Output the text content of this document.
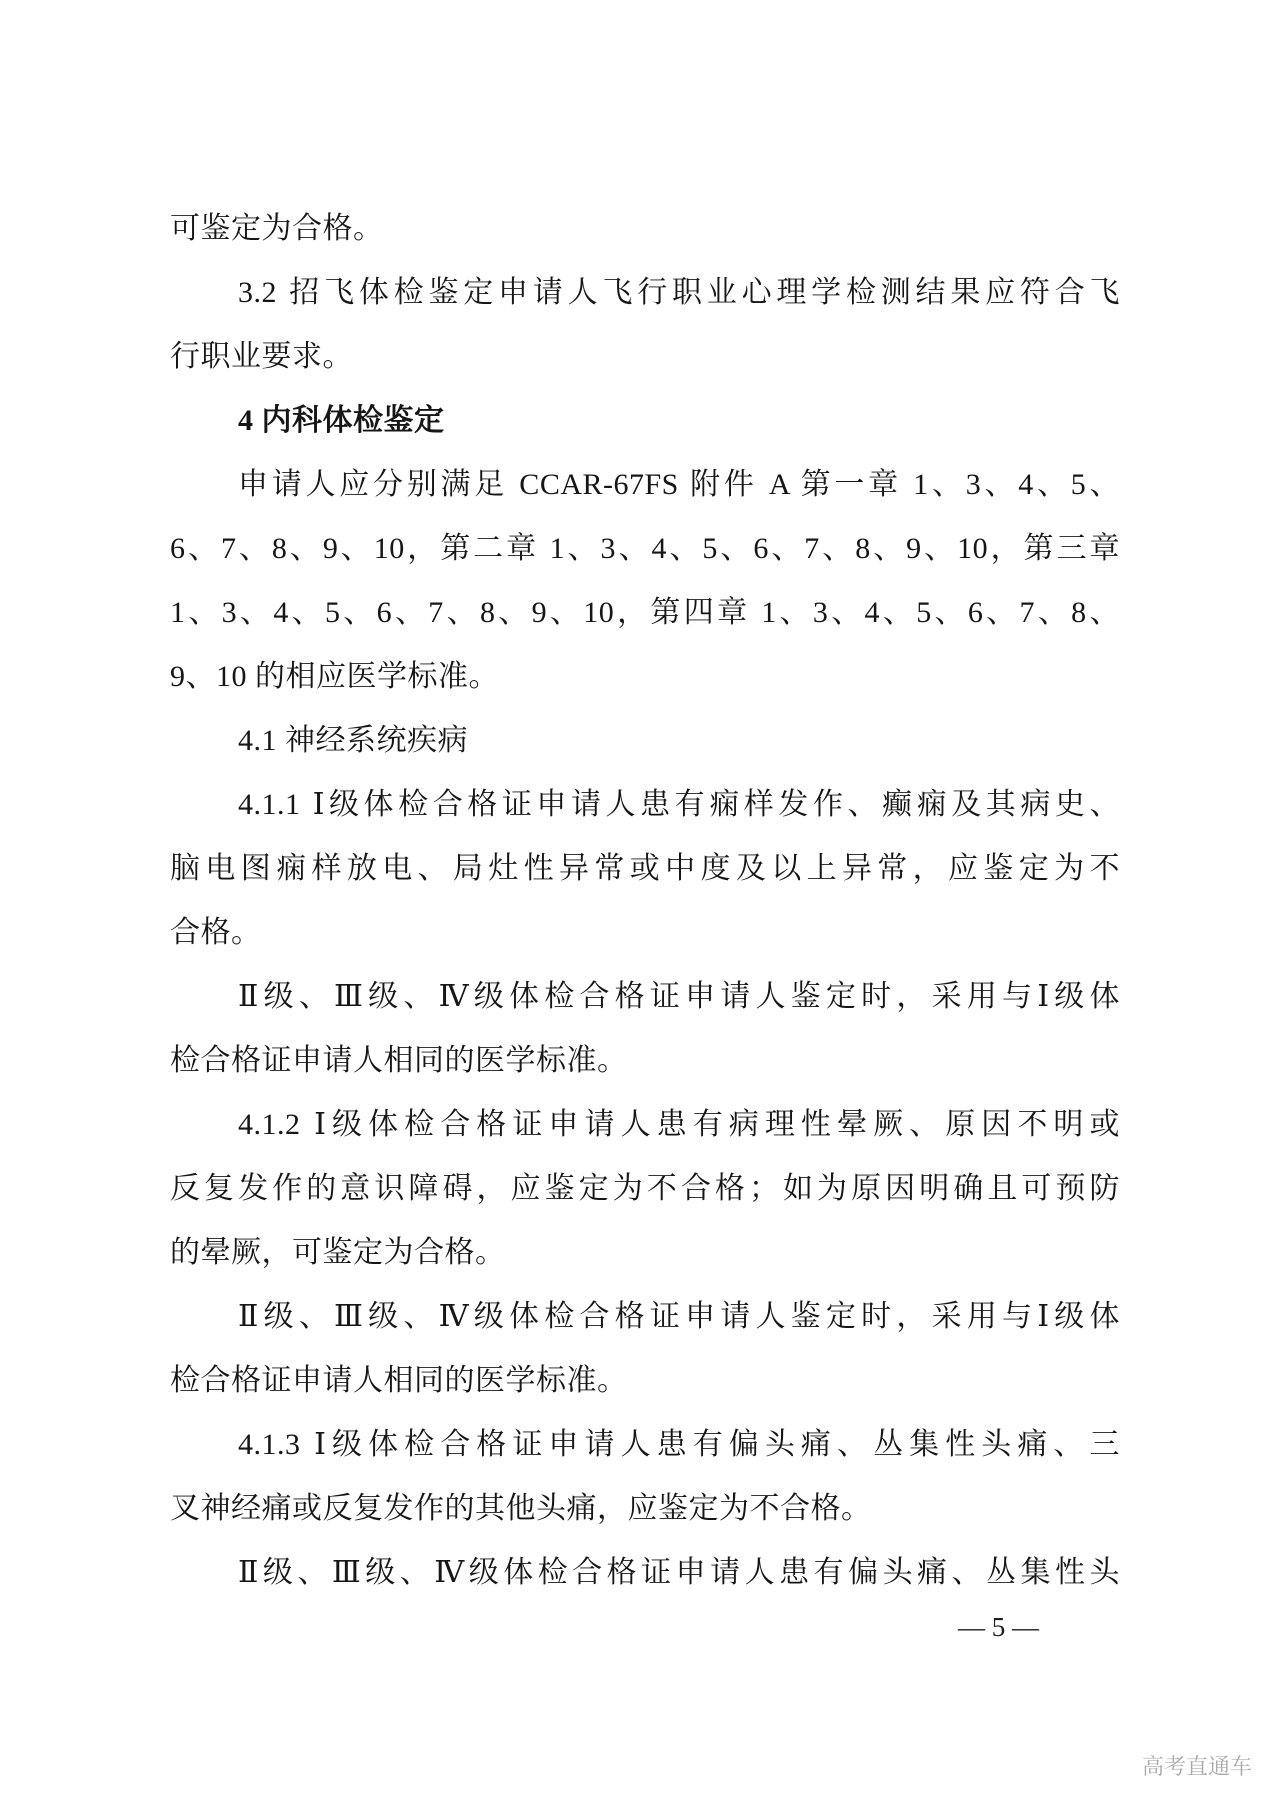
可鉴定为合格。
3.2 招飞体检鉴定申请人飞行职业心理学检测结果应符合飞
行职业要求。
4 内科体检鉴定
申请人应分别满足 CCAR-67FS 附件 A 第一章 1、3、4、5、
6、7、8、9、10，第二章 1、3、4、5、6、7、8、9、10，第三章
1、3、4、5、6、7、8、9、10，第四章 1、3、4、5、6、7、8、
9、10 的相应医学标准。
4.1 神经系统疾病
4.1.1 Ⅰ级体检合格证申请人患有痫样发作、癫痫及其病史、
脑电图痫样放电、局灶性异常或中度及以上异常，应鉴定为不
合格。
Ⅱ级、Ⅲ级、Ⅳ级体检合格证申请人鉴定时，采用与Ⅰ级体
检合格证申请人相同的医学标准。
4.1.2 Ⅰ级体检合格证申请人患有病理性晕厥、原因不明或
反复发作的意识障碍，应鉴定为不合格；如为原因明确且可预防
的晕厥，可鉴定为合格。
Ⅱ级、Ⅲ级、Ⅳ级体检合格证申请人鉴定时，采用与Ⅰ级体
检合格证申请人相同的医学标准。
4.1.3 Ⅰ级体检合格证申请人患有偏头痛、丛集性头痛、三
叉神经痛或反复发作的其他头痛，应鉴定为不合格。
Ⅱ级、Ⅲ级、Ⅳ级体检合格证申请人患有偏头痛、丛集性头
— 5 —
高考直通车
